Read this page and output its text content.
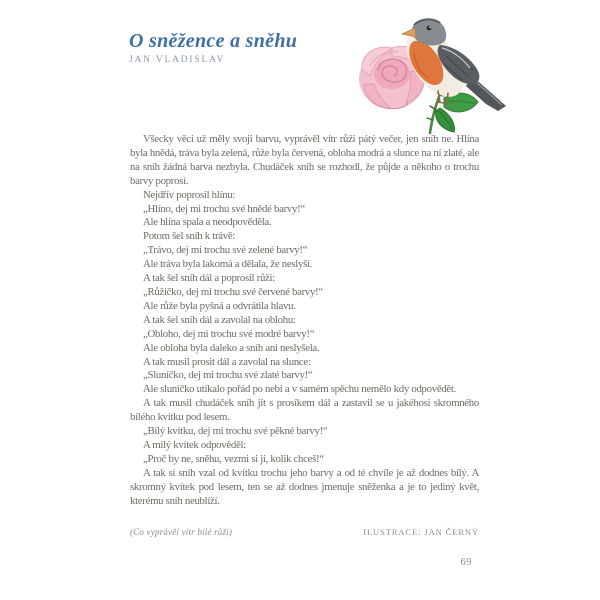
O sněžence a sněhu
JAN VLADISLAV

Všecky věci už měly svoji barvu, vyprávěl vítr růži pátý večer, jen sníh ne. Hlína byla hnědá, tráva byla zelená, růže byla červená, obloha modrá a slunce na ní zlaté, ale na sníh žádná barva nezbyla. Chudáček sníh se rozhodl, že půjde a někoho o trochu barvy poprosí.

Nejdřív poprosil hlínu:

„Hlíno, dej mi trochu své hnědé barvy!“

Ale hlína spala a neodpověděla.

Potom šel sníh k trávě:

„Trávo, dej mi trochu své zelené barvy!“

Ale tráva byla lakomá a dělala, že neslyší.

A tak šel sníh dál a poprosil růži:

„Růžičko, dej mi trochu své červené barvy!“

Ale růže byla pyšná a odvrátila hlavu.

A tak šel sníh dál a zavolal na oblohu:

„Obloho, dej mi trochu své modré barvy!“

Ale obloha byla daleko a sníh ani neslyšela.

A tak musil prosit dál a zavolal na slunce:

„Sluníčko, dej mi trochu své zlaté barvy!“

Ale sluníčko utíkalo pořád po nebi a v samém spěchu nemělo kdy odpovědět.

A tak musil chudáček sníh jít s prosíkem dál a zastavil se u jakéhosi skromného bílého kvítku pod lesem.

„Bílý kvítku, dej mi trochu své pěkné barvy!“

A milý kvítek odpověděl:

„Proč by ne, sněhu, vezmi si jí, kolik chceš!“

A tak si sníh vzal od kvítku trochu jeho barvy a od té chvíle je až dodnes bílý. A skromný kvítek pod lesem, ten se až dodnes jmenuje sněženka a je to jediný květ, kterému sníh neublíží.

(Co vyprávěl vítr bílé růži)	ILUSTRACE: JAN ČERNÝ
69
